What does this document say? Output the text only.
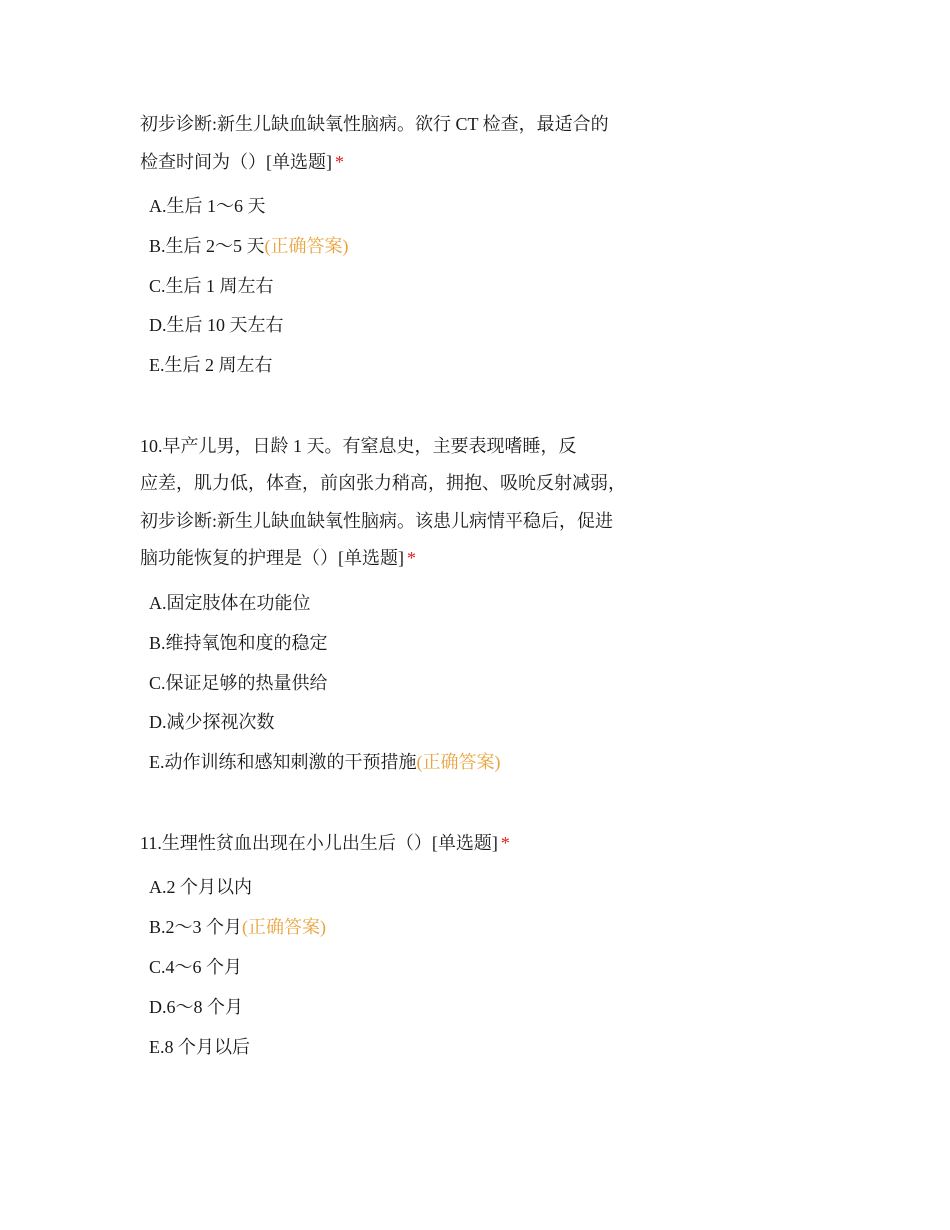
初步诊断:新生儿缺血缺氧性脑病。欲行 CT 检查，最适合的
检查时间为（）[单选题] *
A.生后 1～6 天
B.生后 2～5 天(正确答案)
C.生后 1 周左右
D.生后 10 天左右
E.生后 2 周左右
10.早产儿男，日龄 1 天。有窒息史，主要表现嗜睡，反
应差，肌力低，体查，前囟张力稍高，拥抱、吸吮反射减弱，
初步诊断:新生儿缺血缺氧性脑病。该患儿病情平稳后，促进
脑功能恢复的护理是（）[单选题] *
A.固定肢体在功能位
B.维持氧饱和度的稳定
C.保证足够的热量供给
D.减少探视次数
E.动作训练和感知刺激的干预措施(正确答案)
11.生理性贫血出现在小儿出生后（）[单选题] *
A.2 个月以内
B.2～3 个月(正确答案)
C.4～6 个月
D.6～8 个月
E.8 个月以后
